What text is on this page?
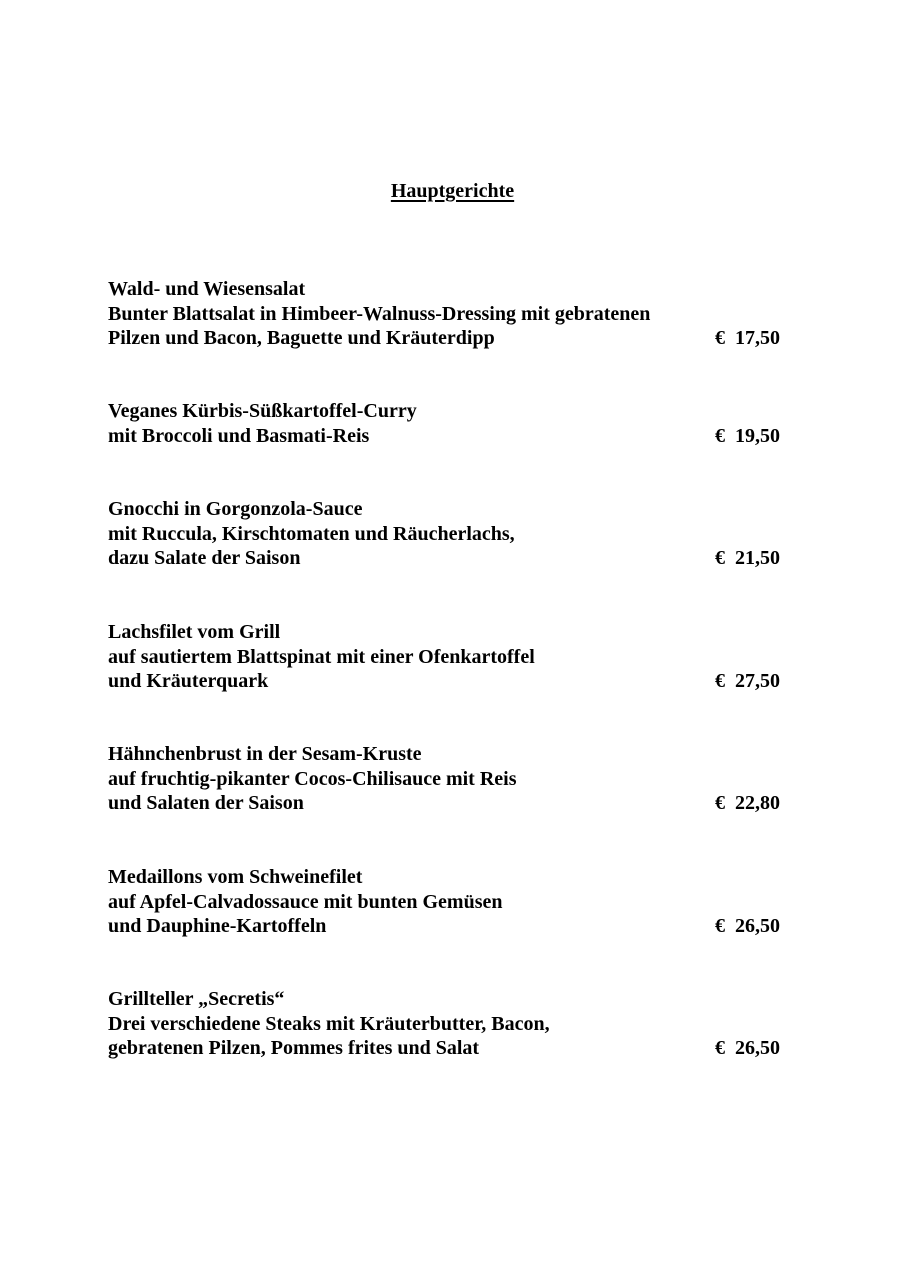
Hauptgerichte
Wald- und Wiesensalat
Bunter Blattsalat in Himbeer-Walnuss-Dressing mit gebratenen
Pilzen und Bacon, Baguette und Kräuterdipp	€ 17,50
Veganes Kürbis-Süßkartoffel-Curry
mit Broccoli und Basmati-Reis	€ 19,50
Gnocchi in Gorgonzola-Sauce
mit Ruccula, Kirschtomaten und Räucherlachs,
dazu Salate der Saison	€ 21,50
Lachsfilet vom Grill
auf sautiertem Blattspinat mit einer Ofenkartoffel
und Kräuterquark	€ 27,50
Hähnchenbrust in der Sesam-Kruste
auf fruchtig-pikanter Cocos-Chilisauce mit Reis
und Salaten der Saison	€ 22,80
Medaillons vom Schweinefilet
auf Apfel-Calvadossauce mit bunten Gemüsen
und Dauphine-Kartoffeln	€ 26,50
Grillteller „Secretis“
Drei verschiedene Steaks mit Kräuterbutter, Bacon,
gebratenen Pilzen, Pommes frites und Salat	€ 26,50
